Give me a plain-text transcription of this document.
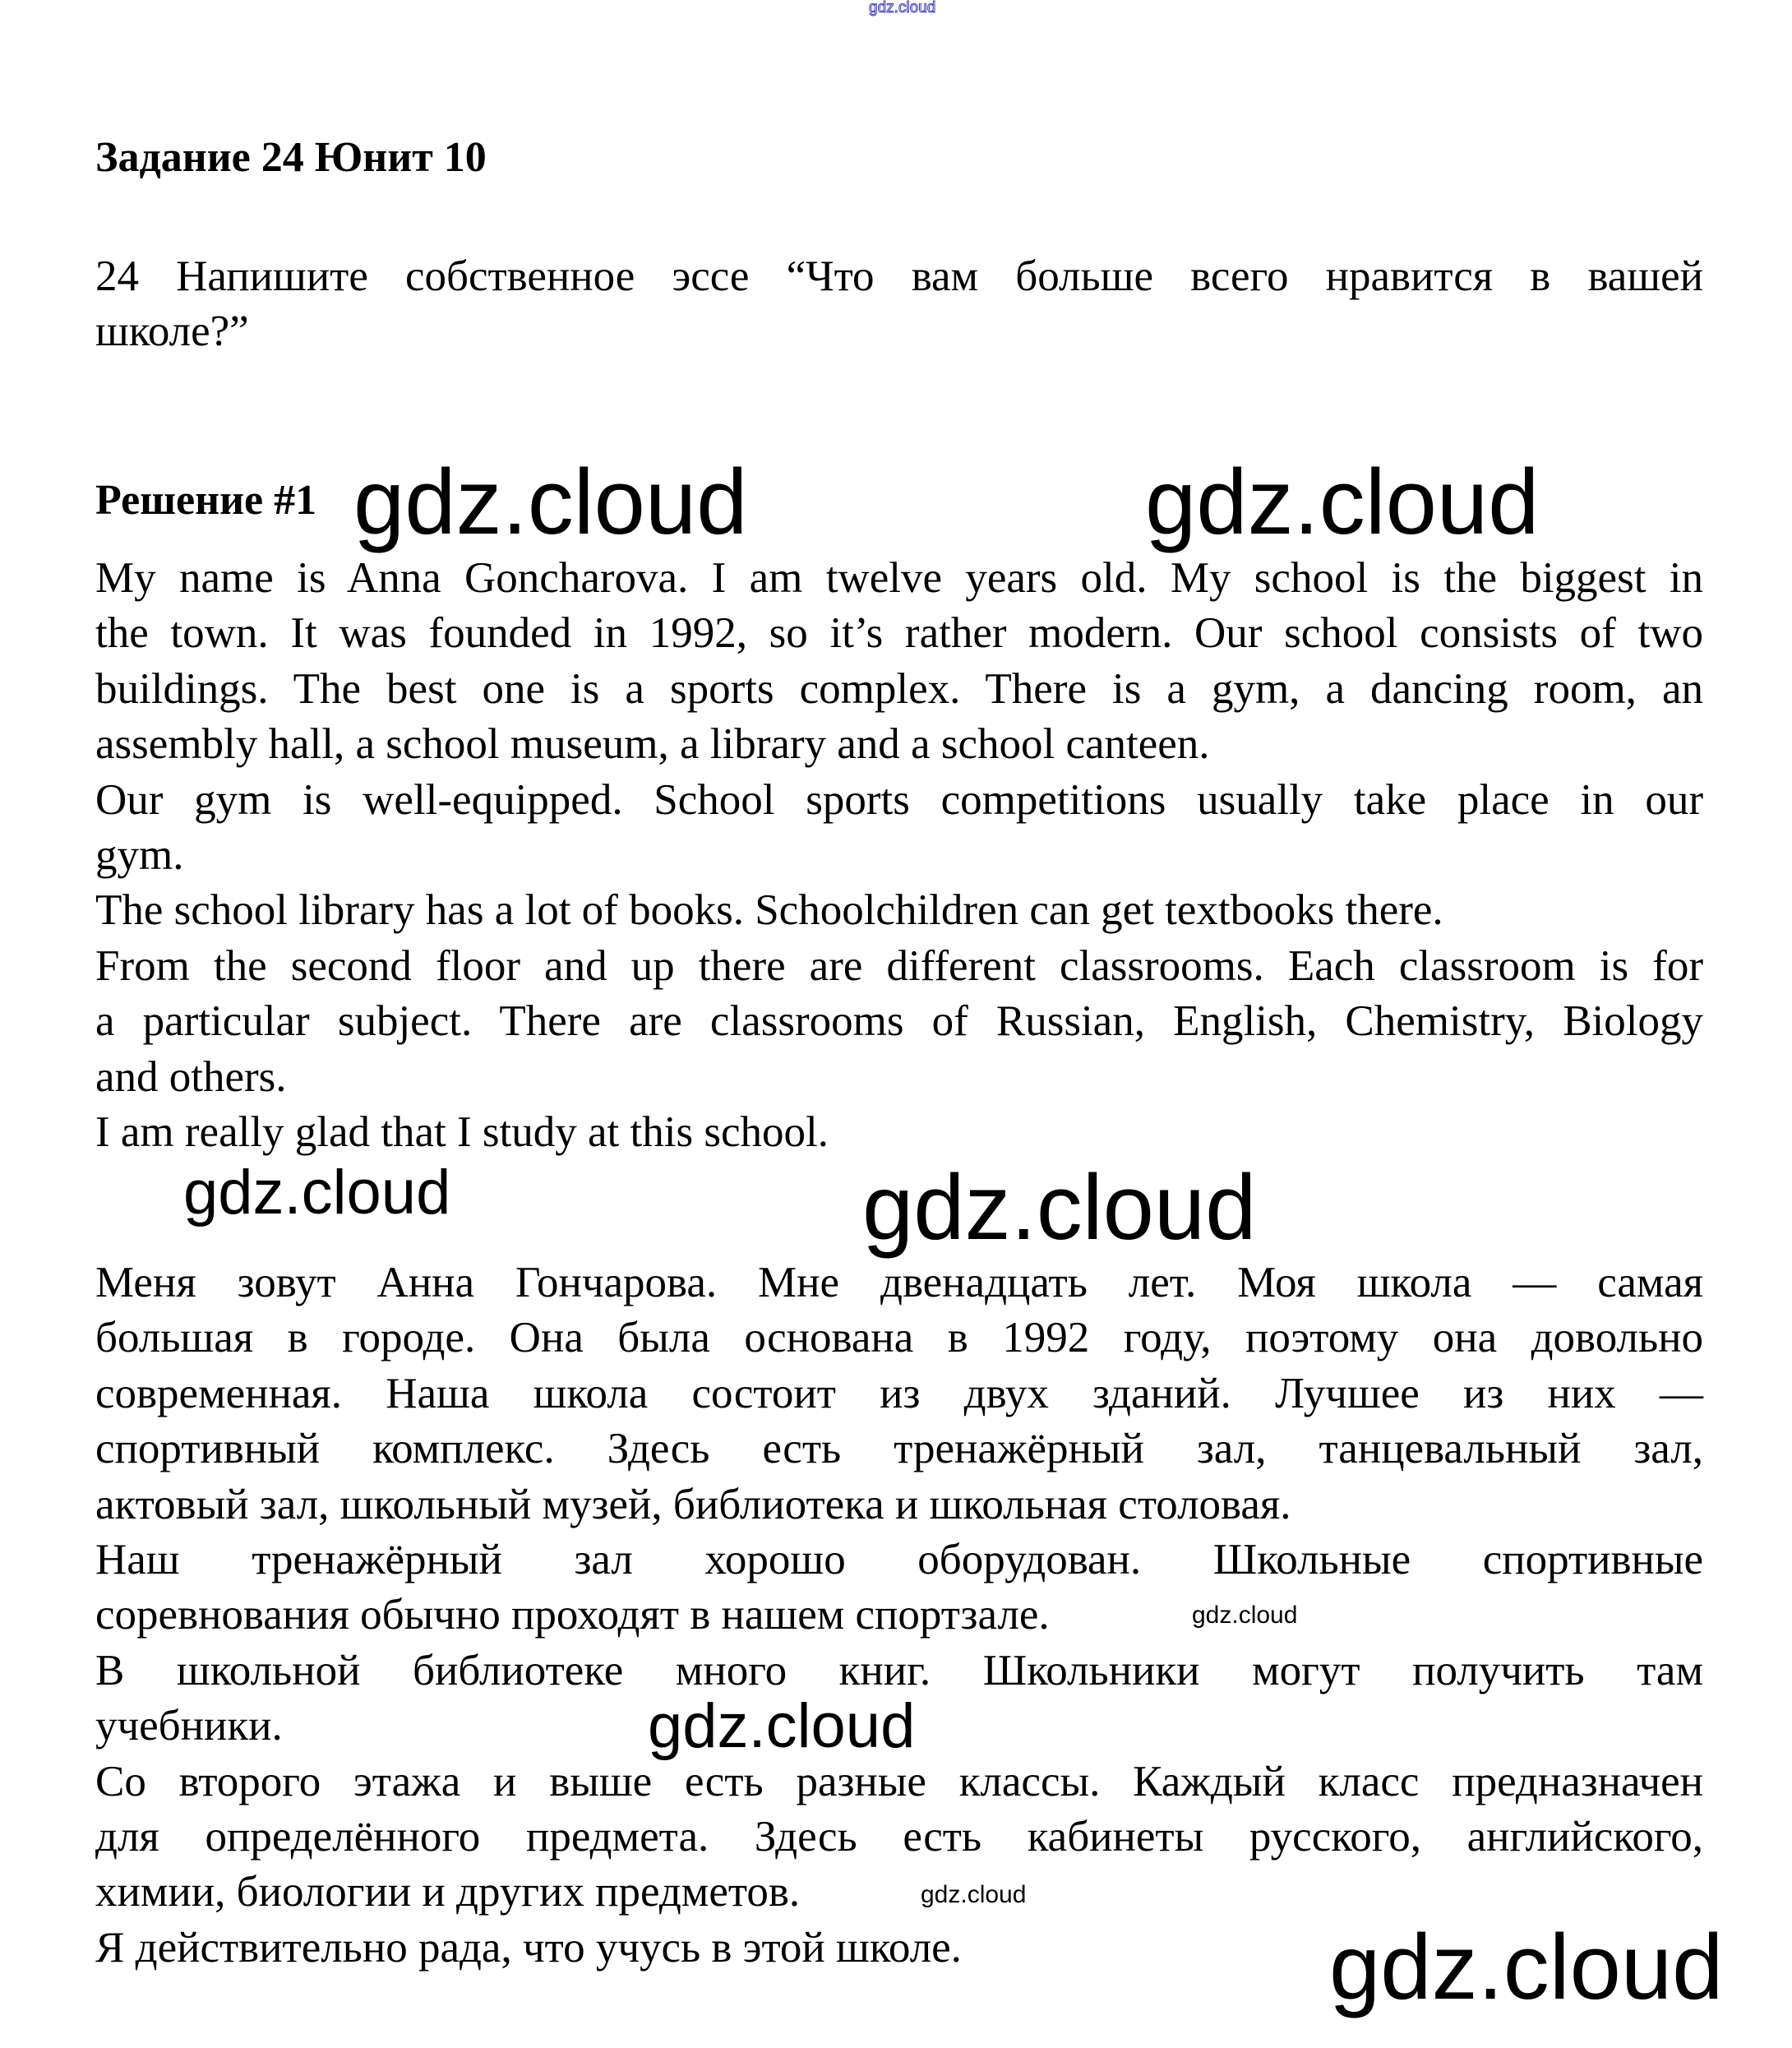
gdz.cloud
Задание 24 Юнит 10
24 Напишите собственное эссе “Что вам больше всего нравится в вашей
школе?”
Решение #1
My name is Anna Goncharova. I am twelve years old. My school is the biggest in
the town. It was founded in 1992, so it’s rather modern. Our school consists of two
buildings. The best one is a sports complex. There is a gym, a dancing room, an
assembly hall, a school museum, a library and a school canteen.
Our gym is well-equipped. School sports competitions usually take place in our
gym.
The school library has a lot of books. Schoolchildren can get textbooks there.
From the second floor and up there are different classrooms. Each classroom is for
a particular subject. There are classrooms of Russian, English, Chemistry, Biology
and others.
I am really glad that I study at this school.
Меня зовут Анна Гончарова. Мне двенадцать лет. Моя школа — самая
большая в городе. Она была основана в 1992 году, поэтому она довольно
современная. Наша школа состоит из двух зданий. Лучшее из них —
спортивный комплекс. Здесь есть тренажёрный зал, танцевальный зал,
актовый зал, школьный музей, библиотека и школьная столовая.
Наш тренажёрный зал хорошо оборудован. Школьные спортивные
соревнования обычно проходят в нашем спортзале.
В школьной библиотеке много книг. Школьники могут получить там
учебники.
Со второго этажа и выше есть разные классы. Каждый класс предназначен
для определённого предмета. Здесь есть кабинеты русского, английского,
химии, биологии и других предметов.
Я действительно рада, что учусь в этой школе.
gdz.cloud	gdz.cloud
gdz.cloud	gdz.cloud
gdz.cloud
gdz.cloud
gdz.cloud
gdz.cloud
